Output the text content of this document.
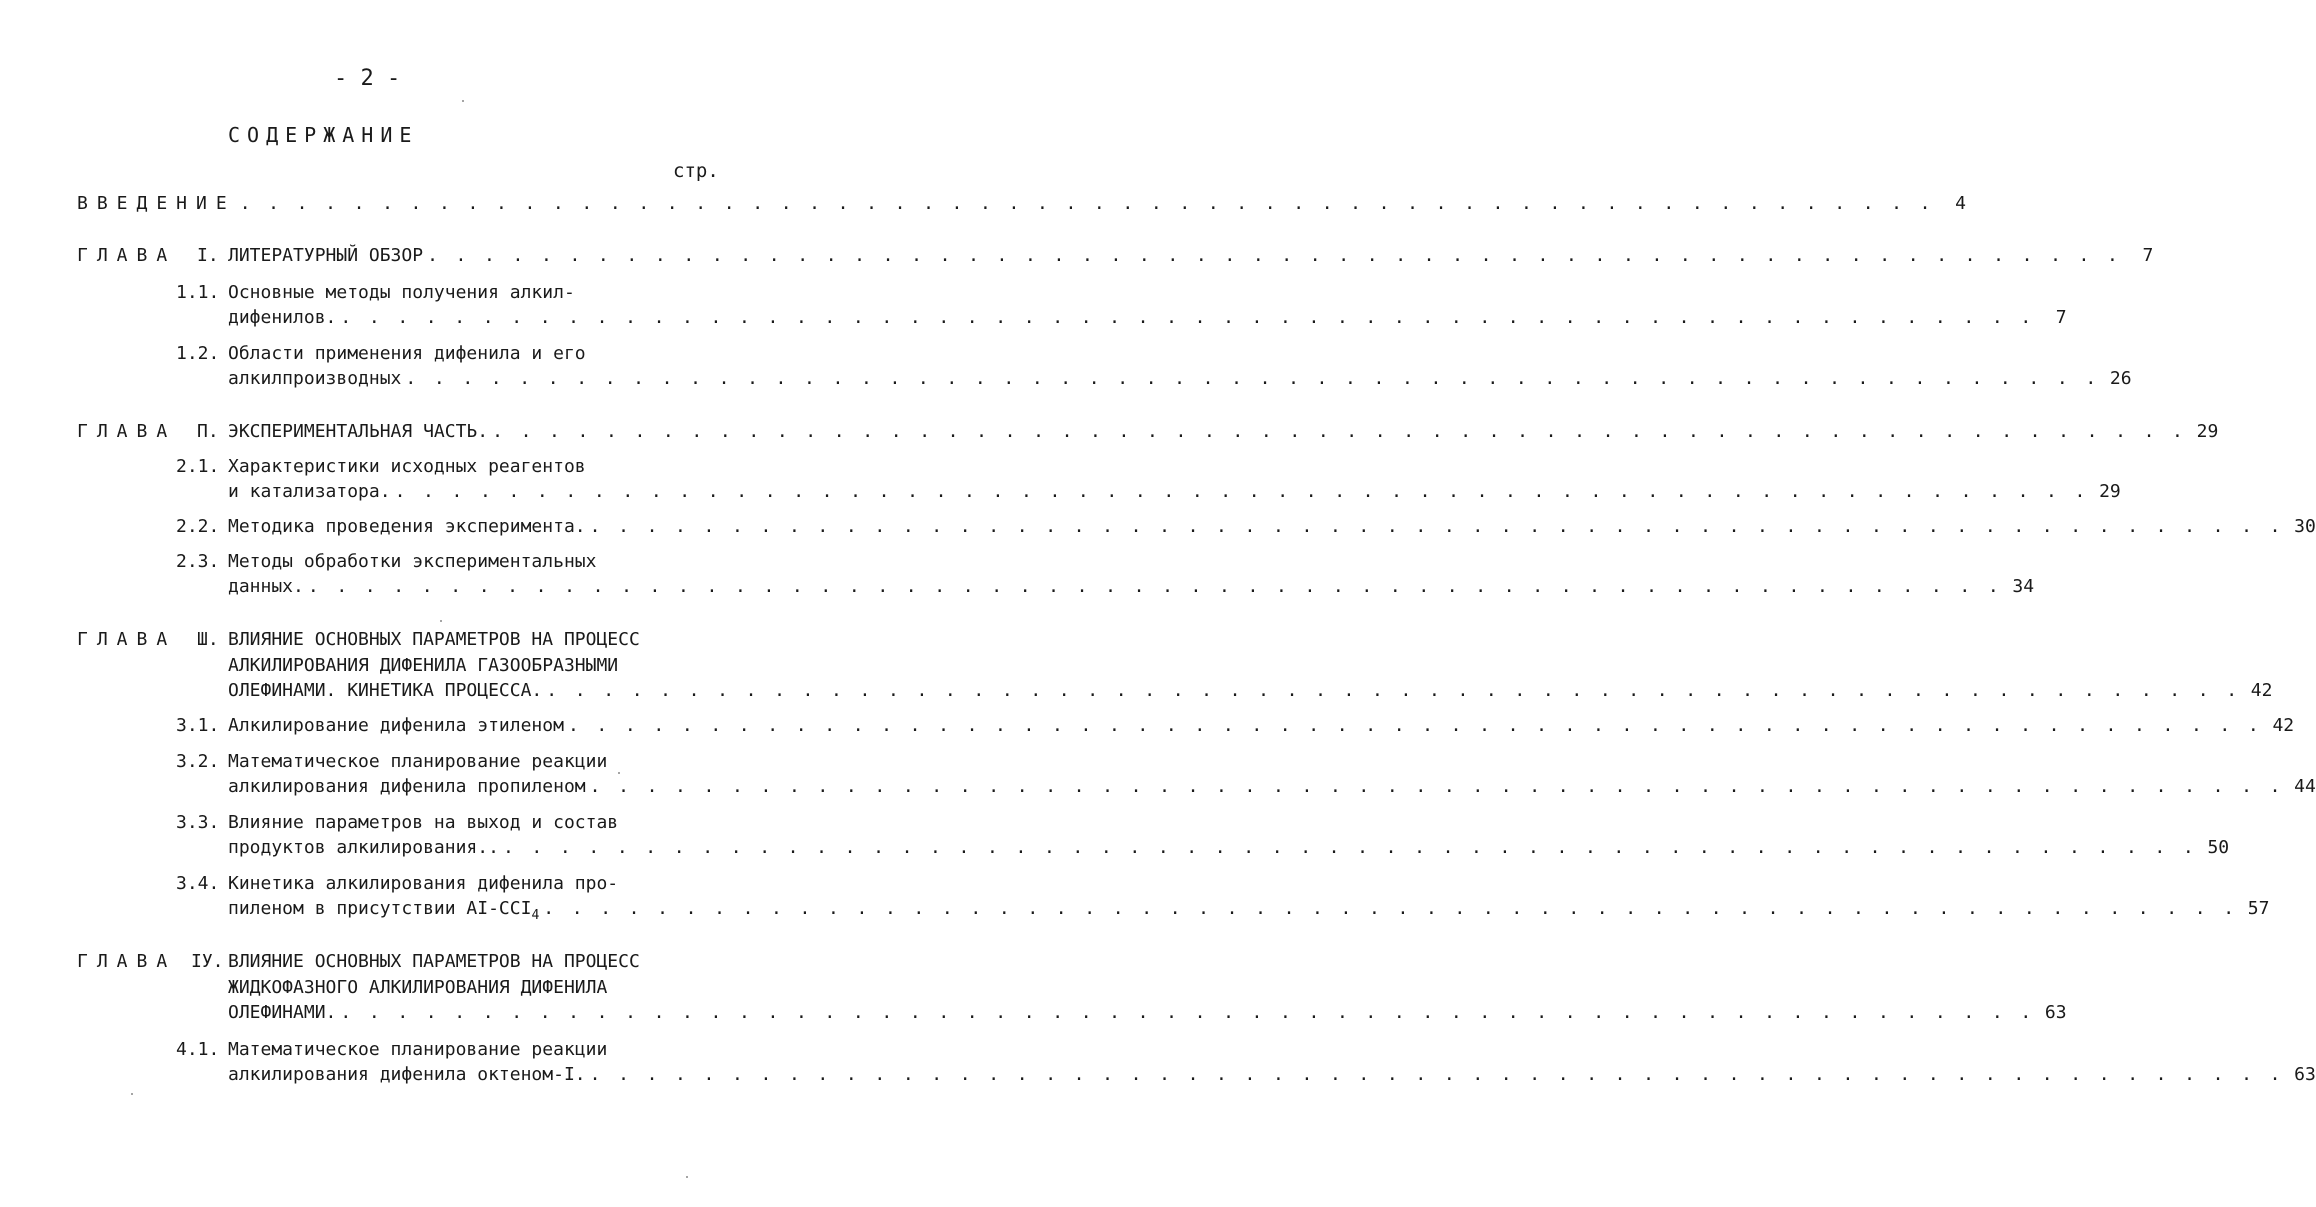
- 2 -
СОДЕРЖАНИЕ
стр.
ВВЕДЕНИЕ . . . . . . . . . . . . . . . . . . . . . . . . . . . . . . . . . . . . . . . . . . . . . . . . . . . . . . . . . . . .	4
ГЛАВА I. ЛИТЕРАТУРНЫЙ ОБЗОР . . . . . . . . . . . . . . . . . . . . . . . . . . . . . . . . . . . . . . . . . . . . . . . . . . . . . . . . . . . .	7
1.1. Основные методы получения алкил-
дифенилов. . . . . . . . . . . . . . . . . . . . . . . . . . . . . . . . . . . . . . . . . . . . . . . . . . . . . . . . . . . . .	7
1.2. Области применения дифенила и его
алкилпроизводных . . . . . . . . . . . . . . . . . . . . . . . . . . . . . . . . . . . . . . . . . . . . . . . . . . . . . . . . . . . . 26
ГЛАВА П. ЭКСПЕРИМЕНТАЛЬНАЯ ЧАСТЬ. . . . . . . . . . . . . . . . . . . . . . . . . . . . . . . . . . . . . . . . . . . . . . . . . . . . . . . . . . . . . 29
2.1. Характеристики исходных реагентов
и катализатора. . . . . . . . . . . . . . . . . . . . . . . . . . . . . . . . . . . . . . . . . . . . . . . . . . . . . . . . . . . . . 29
2.2. Методика проведения эксперимента. . . . . . . . . . . . . . . . . . . . . . . . . . . . . . . . . . . . . . . . . . . . . . . . . . . . . . . . . . . . . 30
2.3. Методы обработки экспериментальных
данных. . . . . . . . . . . . . . . . . . . . . . . . . . . . . . . . . . . . . . . . . . . . . . . . . . . . . . . . . . . . . 34
ГЛАВА Ш. ВЛИЯНИЕ ОСНОВНЫХ ПАРАМЕТРОВ НА ПРОЦЕСС
АЛКИЛИРОВАНИЯ ДИФЕНИЛА ГАЗООБРАЗНЫМИ
ОЛЕФИНАМИ. КИНЕТИКА ПРОЦЕССА. . . . . . . . . . . . . . . . . . . . . . . . . . . . . . . . . . . . . . . . . . . . . . . . . . . . . . . . . . . . . 42
3.1. Алкилирование дифенила этиленом . . . . . . . . . . . . . . . . . . . . . . . . . . . . . . . . . . . . . . . . . . . . . . . . . . . . . . . . . . . . 42
3.2. Математическое планирование реакции
алкилирования дифенила пропиленом . . . . . . . . . . . . . . . . . . . . . . . . . . . . . . . . . . . . . . . . . . . . . . . . . . . . . . . . . . . . 44
3.3. Влияние параметров на выход и состав
продуктов алкилирования.. . . . . . . . . . . . . . . . . . . . . . . . . . . . . . . . . . . . . . . . . . . . . . . . . . . . . . . . . . . . . 50
3.4. Кинетика алкилирования дифенила про-
пиленом в присутствии $AI-CCI_4$ . . . . . . . . . . . . . . . . . . . . . . . . . . . . . . . . . . . . . . . . . . . . . . . . . . . . . . . . . . . . 57
ГЛАВА IУ. ВЛИЯНИЕ ОСНОВНЫХ ПАРАМЕТРОВ НА ПРОЦЕСС
ЖИДКОФАЗНОГО АЛКИЛИРОВАНИЯ ДИФЕНИЛА
ОЛЕФИНАМИ. . . . . . . . . . . . . . . . . . . . . . . . . . . . . . . . . . . . . . . . . . . . . . . . . . . . . . . . . . . . . 63
4.1. Математическое планирование реакции
алкилирования дифенила октеном-I. . . . . . . . . . . . . . . . . . . . . . . . . . . . . . . . . . . . . . . . . . . . . . . . . . . . . . . . . . . . . 63
